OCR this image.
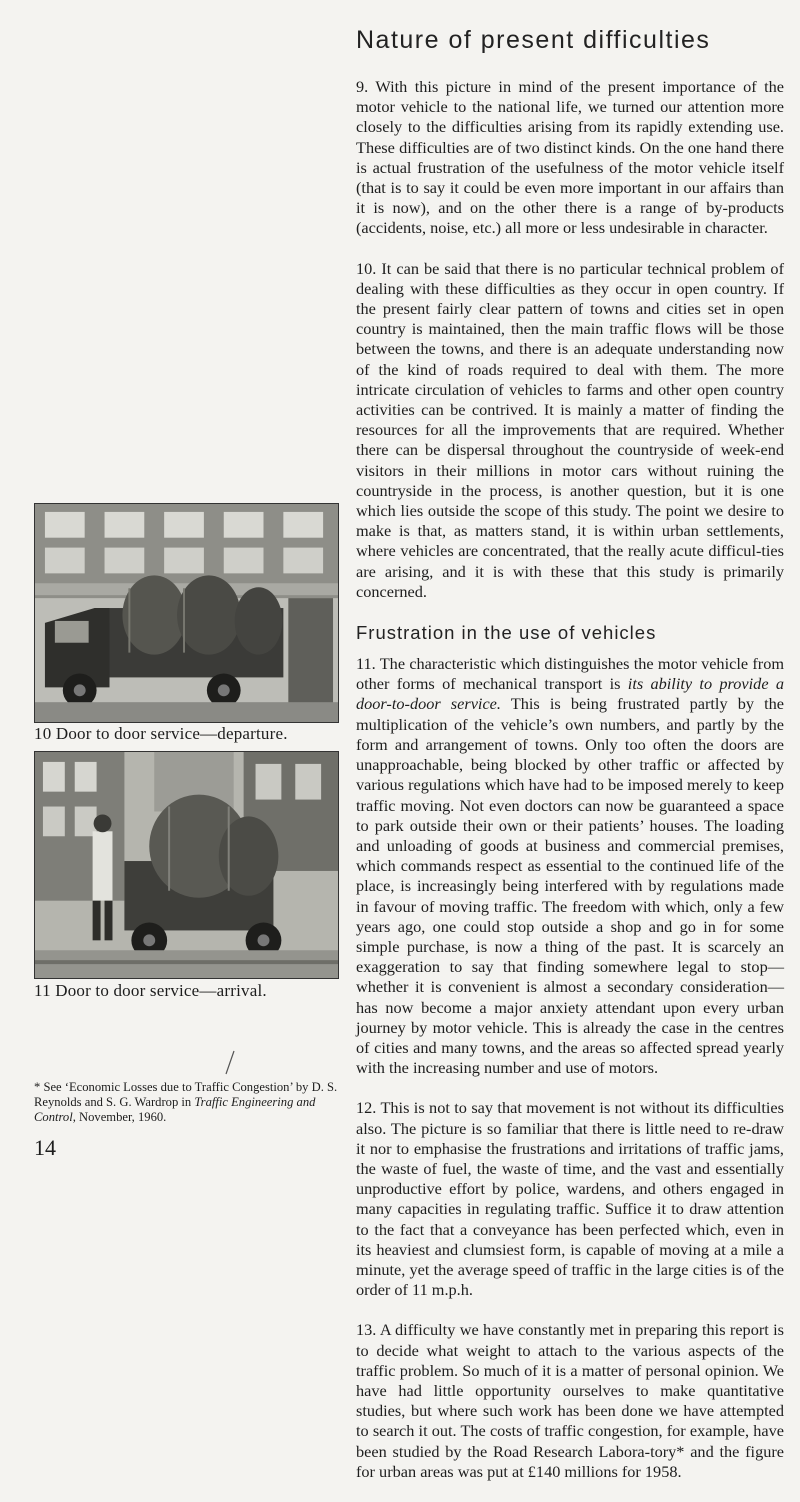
10 Door to door service—departure.
11 Door to door service—arrival.
* See ‘Economic Losses due to Traffic Congestion’ by D. S. Reynolds and S. G. Wardrop in Traffic Engineering and Control, November, 1960.
14
Nature of present difficulties

9. With this picture in mind of the present importance of the motor vehicle to the national life, we turned our attention more closely to the difficulties arising from its rapidly extending use. These difficulties are of two distinct kinds. On the one hand there is actual frustration of the usefulness of the motor vehicle itself (that is to say it could be even more important in our affairs than it is now), and on the other there is a range of by-products (accidents, noise, etc.) all more or less undesirable in character.

10. It can be said that there is no particular technical problem of dealing with these difficulties as they occur in open country. If the present fairly clear pattern of towns and cities set in open country is maintained, then the main traffic flows will be those between the towns, and there is an adequate understanding now of the kind of roads required to deal with them. The more intricate circulation of vehicles to farms and other open country activities can be contrived. It is mainly a matter of finding the resources for all the improvements that are required. Whether there can be dispersal throughout the countryside of week-end visitors in their millions in motor cars without ruining the countryside in the process, is another question, but it is one which lies outside the scope of this study. The point we desire to make is that, as matters stand, it is within urban settlements, where vehicles are concentrated, that the really acute difficul-ties are arising, and it is with these that this study is primarily concerned.

Frustration in the use of vehicles

11. The characteristic which distinguishes the motor vehicle from other forms of mechanical transport is its ability to provide a door-to-door service. This is being frustrated partly by the multiplication of the vehicle’s own numbers, and partly by the form and arrangement of towns. Only too often the doors are unapproachable, being blocked by other traffic or affected by various regulations which have had to be imposed merely to keep traffic moving. Not even doctors can now be guaranteed a space to park outside their own or their patients’ houses. The loading and unloading of goods at business and commercial premises, which commands respect as essential to the continued life of the place, is increasingly being interfered with by regulations made in favour of moving traffic. The freedom with which, only a few years ago, one could stop outside a shop and go in for some simple purchase, is now a thing of the past. It is scarcely an exaggeration to say that finding somewhere legal to stop—whether it is convenient is almost a secondary consideration—has now become a major anxiety attendant upon every urban journey by motor vehicle. This is already the case in the centres of cities and many towns, and the areas so affected spread yearly with the increasing number and use of motors.

12. This is not to say that movement is not without its difficulties also. The picture is so familiar that there is little need to re-draw it nor to emphasise the frustrations and irritations of traffic jams, the waste of fuel, the waste of time, and the vast and essentially unproductive effort by police, wardens, and others engaged in many capacities in regulating traffic. Suffice it to draw attention to the fact that a conveyance has been perfected which, even in its heaviest and clumsiest form, is capable of moving at a mile a minute, yet the average speed of traffic in the large cities is of the order of 11 m.p.h.

13. A difficulty we have constantly met in preparing this report is to decide what weight to attach to the various aspects of the traffic problem. So much of it is a matter of personal opinion. We have had little opportunity ourselves to make quantitative studies, but where such work has been done we have attempted to search it out. The costs of traffic congestion, for example, have been studied by the Road Research Labora-tory* and the figure for urban areas was put at £140 millions for 1958.
